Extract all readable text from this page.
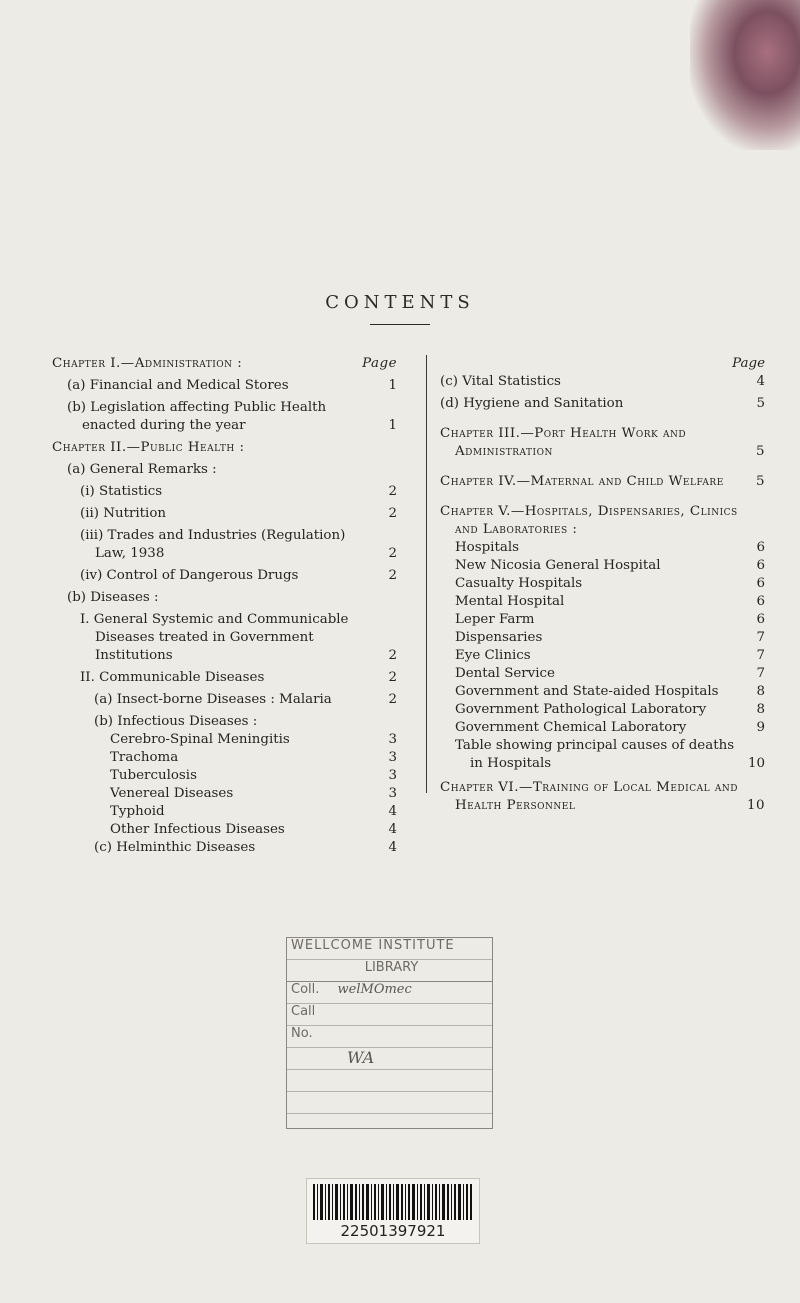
CONTENTS
Chapter I.—Administration :	Page
(a) Financial and Medical Stores	1
(b) Legislation affecting Public Health enacted during the year	1
Chapter II.—Public Health :
(a) General Remarks :
(i) Statistics	2
(ii) Nutrition	2
(iii) Trades and Industries (Regulation) Law, 1938	2
(iv) Control of Dangerous Drugs	2
(b) Diseases :
I. General Systemic and Communicable Diseases treated in Government Institutions	2
II. Communicable Diseases	2
(a) Insect-borne Diseases : Malaria	2
(b) Infectious Diseases :
Cerebro-Spinal Meningitis	3
Trachoma	3
Tuberculosis	3
Venereal Diseases	3
Typhoid	4
Other Infectious Diseases	4
(c) Helminthic Diseases	4
Page
(c) Vital Statistics	4
(d) Hygiene and Sanitation	5
Chapter III.—Port Health Work and Administration	5
Chapter IV.—Maternal and Child Welfare	5
Chapter V.—Hospitals, Dispensaries, Clinics and Laboratories :
Hospitals	6
New Nicosia General Hospital	6
Casualty Hospitals	6
Mental Hospital	6
Leper Farm	6
Dispensaries	7
Eye Clinics	7
Dental Service	7
Government and State-aided Hospitals	8
Government Pathological Laboratory	8
Government Chemical Laboratory	9
Table showing principal causes of deaths in Hospitals	10
Chapter VI.—Training of Local Medical and Health Personnel	10
WELLCOME INSTITUTE
LIBRARY
Coll. welMOmec
Call
No.
WA
22501397921
